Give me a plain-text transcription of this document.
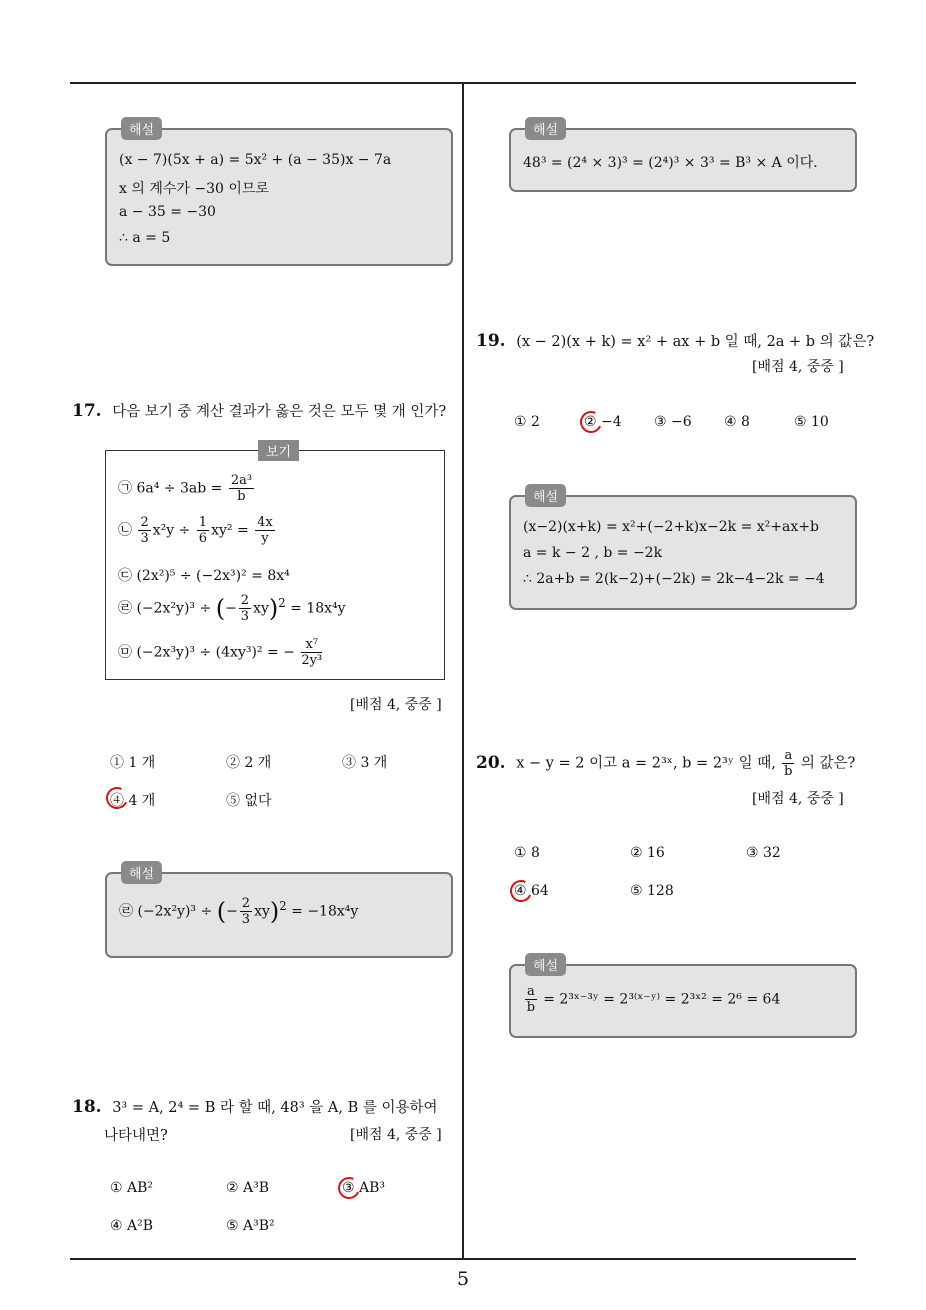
5
해설
(x − 7)(5x + a) = 5x² + (a − 35)x − 7a
x 의 계수가 −30 이므로
a − 35 = −30
∴ a = 5
17. 다음 보기 중 계산 결과가 옳은 것은 모두 몇 개 인가?
보기
㉠ $6a^4 \div 3ab = \frac{\text{2a³}}{b}$
㉡ $\frac{2}{3} x^2y \div \frac{1}{6} xy^2 = \frac{4x}{y}$
㉢ (2x²)⁵ ÷ (−2x³)² = 8x⁴
㉣ (−2x²y)³ ÷ (− $\frac{2}{3} xy)^2 = 18x^4y$
㉤ (−2x³y)³ ÷ (4xy³)² = − $\frac{\text{x⁷}}{\text{2y³}}$
[배점 4, 중중 ]
① 1 개	② 2 개	③ 3 개
④ 4 개	⑤ 없다
해설
㉣ (−2x²y)³ ÷ (− $\frac{2}{3} xy)^2 = -18x^4y$
18. 3³ = A, 2⁴ = B 라 할 때, 48³ 을 A, B 를 이용하여
나타내면?	[배점 4, 중중 ]
① AB²	② A³B	③ AB³
④ A²B	⑤ A³B²
해설
48³ = (2⁴ × 3)³ = (2⁴)³ × 3³ = B³ × A 이다.
19. (x − 2)(x + k) = x² + ax + b 일 때, 2a + b 의 값은?
[배점 4, 중중 ]
① 2	② −4 ③ −6 ④ 8	⑤ 10
해설
(x−2)(x+k) = x²+(−2+k)x−2k = x²+ax+b
a = k − 2 , b = −2k
∴ 2a+b = 2(k−2)+(−2k) = 2k−4−2k = −4
20. x − y = 2 이고 a = 2³ˣ, b = 2³ʸ 일 때, $\frac{a}{b}$ 의 값은?
[배점 4, 중중 ]
① 8	② 16	③ 32
④ 64	⑤ 128
해설
$\frac{a}{b}$ = 2³ˣ⁻³ʸ = 2³⁽ˣ⁻ʸ⁾ = 2³ˣ² = 2⁶ = 64
